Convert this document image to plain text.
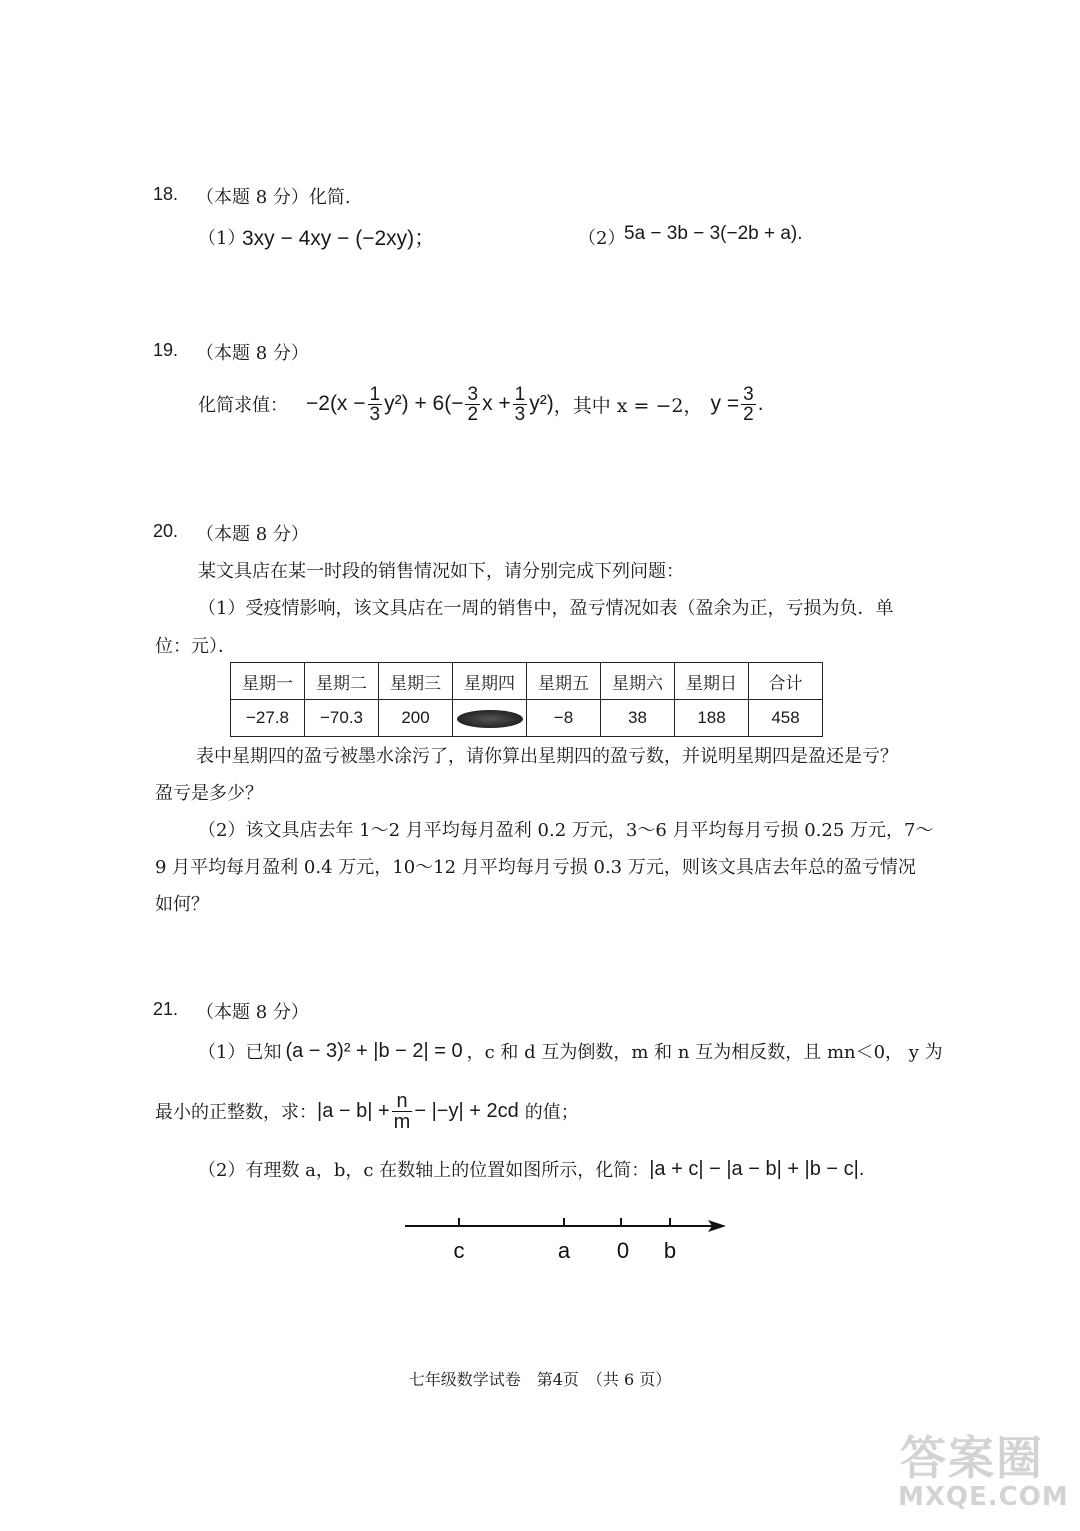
18. （本题 8 分）化简.
（1）
3xy − 4xy − (−2xy)；	（2）
5a − 3b − 3(−2b + a).
19. （本题 8 分）
化简求值： $-2(x - \frac{1}{3} y^2) + 6(- \frac{3}{2}$ $x + \frac{1}{3} y^2$) ，其中 x = −2， $y = \frac{3}{2}$ .
20. （本题 8 分）
某文具店在某一时段的销售情况如下，请分别完成下列问题：
（1）受疫情影响，该文具店在一周的销售中，盈亏情况如表（盈余为正，亏损为负．单
位：元）．
星期一	星期二	星期三	星期四	星期五	星期六	星期日	合计
−27.8	−70.3	200		−8	38	188	458
表中星期四的盈亏被墨水涂污了，请你算出星期四的盈亏数，并说明星期四是盈还是亏？
盈亏是多少？
（2）该文具店去年 1～2 月平均每月盈利 0.2 万元，3～6 月平均每月亏损 0.25 万元，7～
9 月平均每月盈利 0.4 万元，10～12 月平均每月亏损 0.3 万元，则该文具店去年总的盈亏情况
如何？
21. （本题 8 分）
（1）已知 (a − 3)² + |b − 2| = 0 ，c 和 d 互为倒数，m 和 n 互为相反数，且 mn＜0， y 为
最小的正整数，求： $|a - b| + \frac{n}{m} - |-y| + 2cd$ 的值；
（2）有理数 a，b，c 在数轴上的位置如图所示，化简： |a + c| − |a − b| + |b − c|.
c	a 0 b
七年级数学试卷　第4页　（共 6 页）
答案圈
MXQE.COM
